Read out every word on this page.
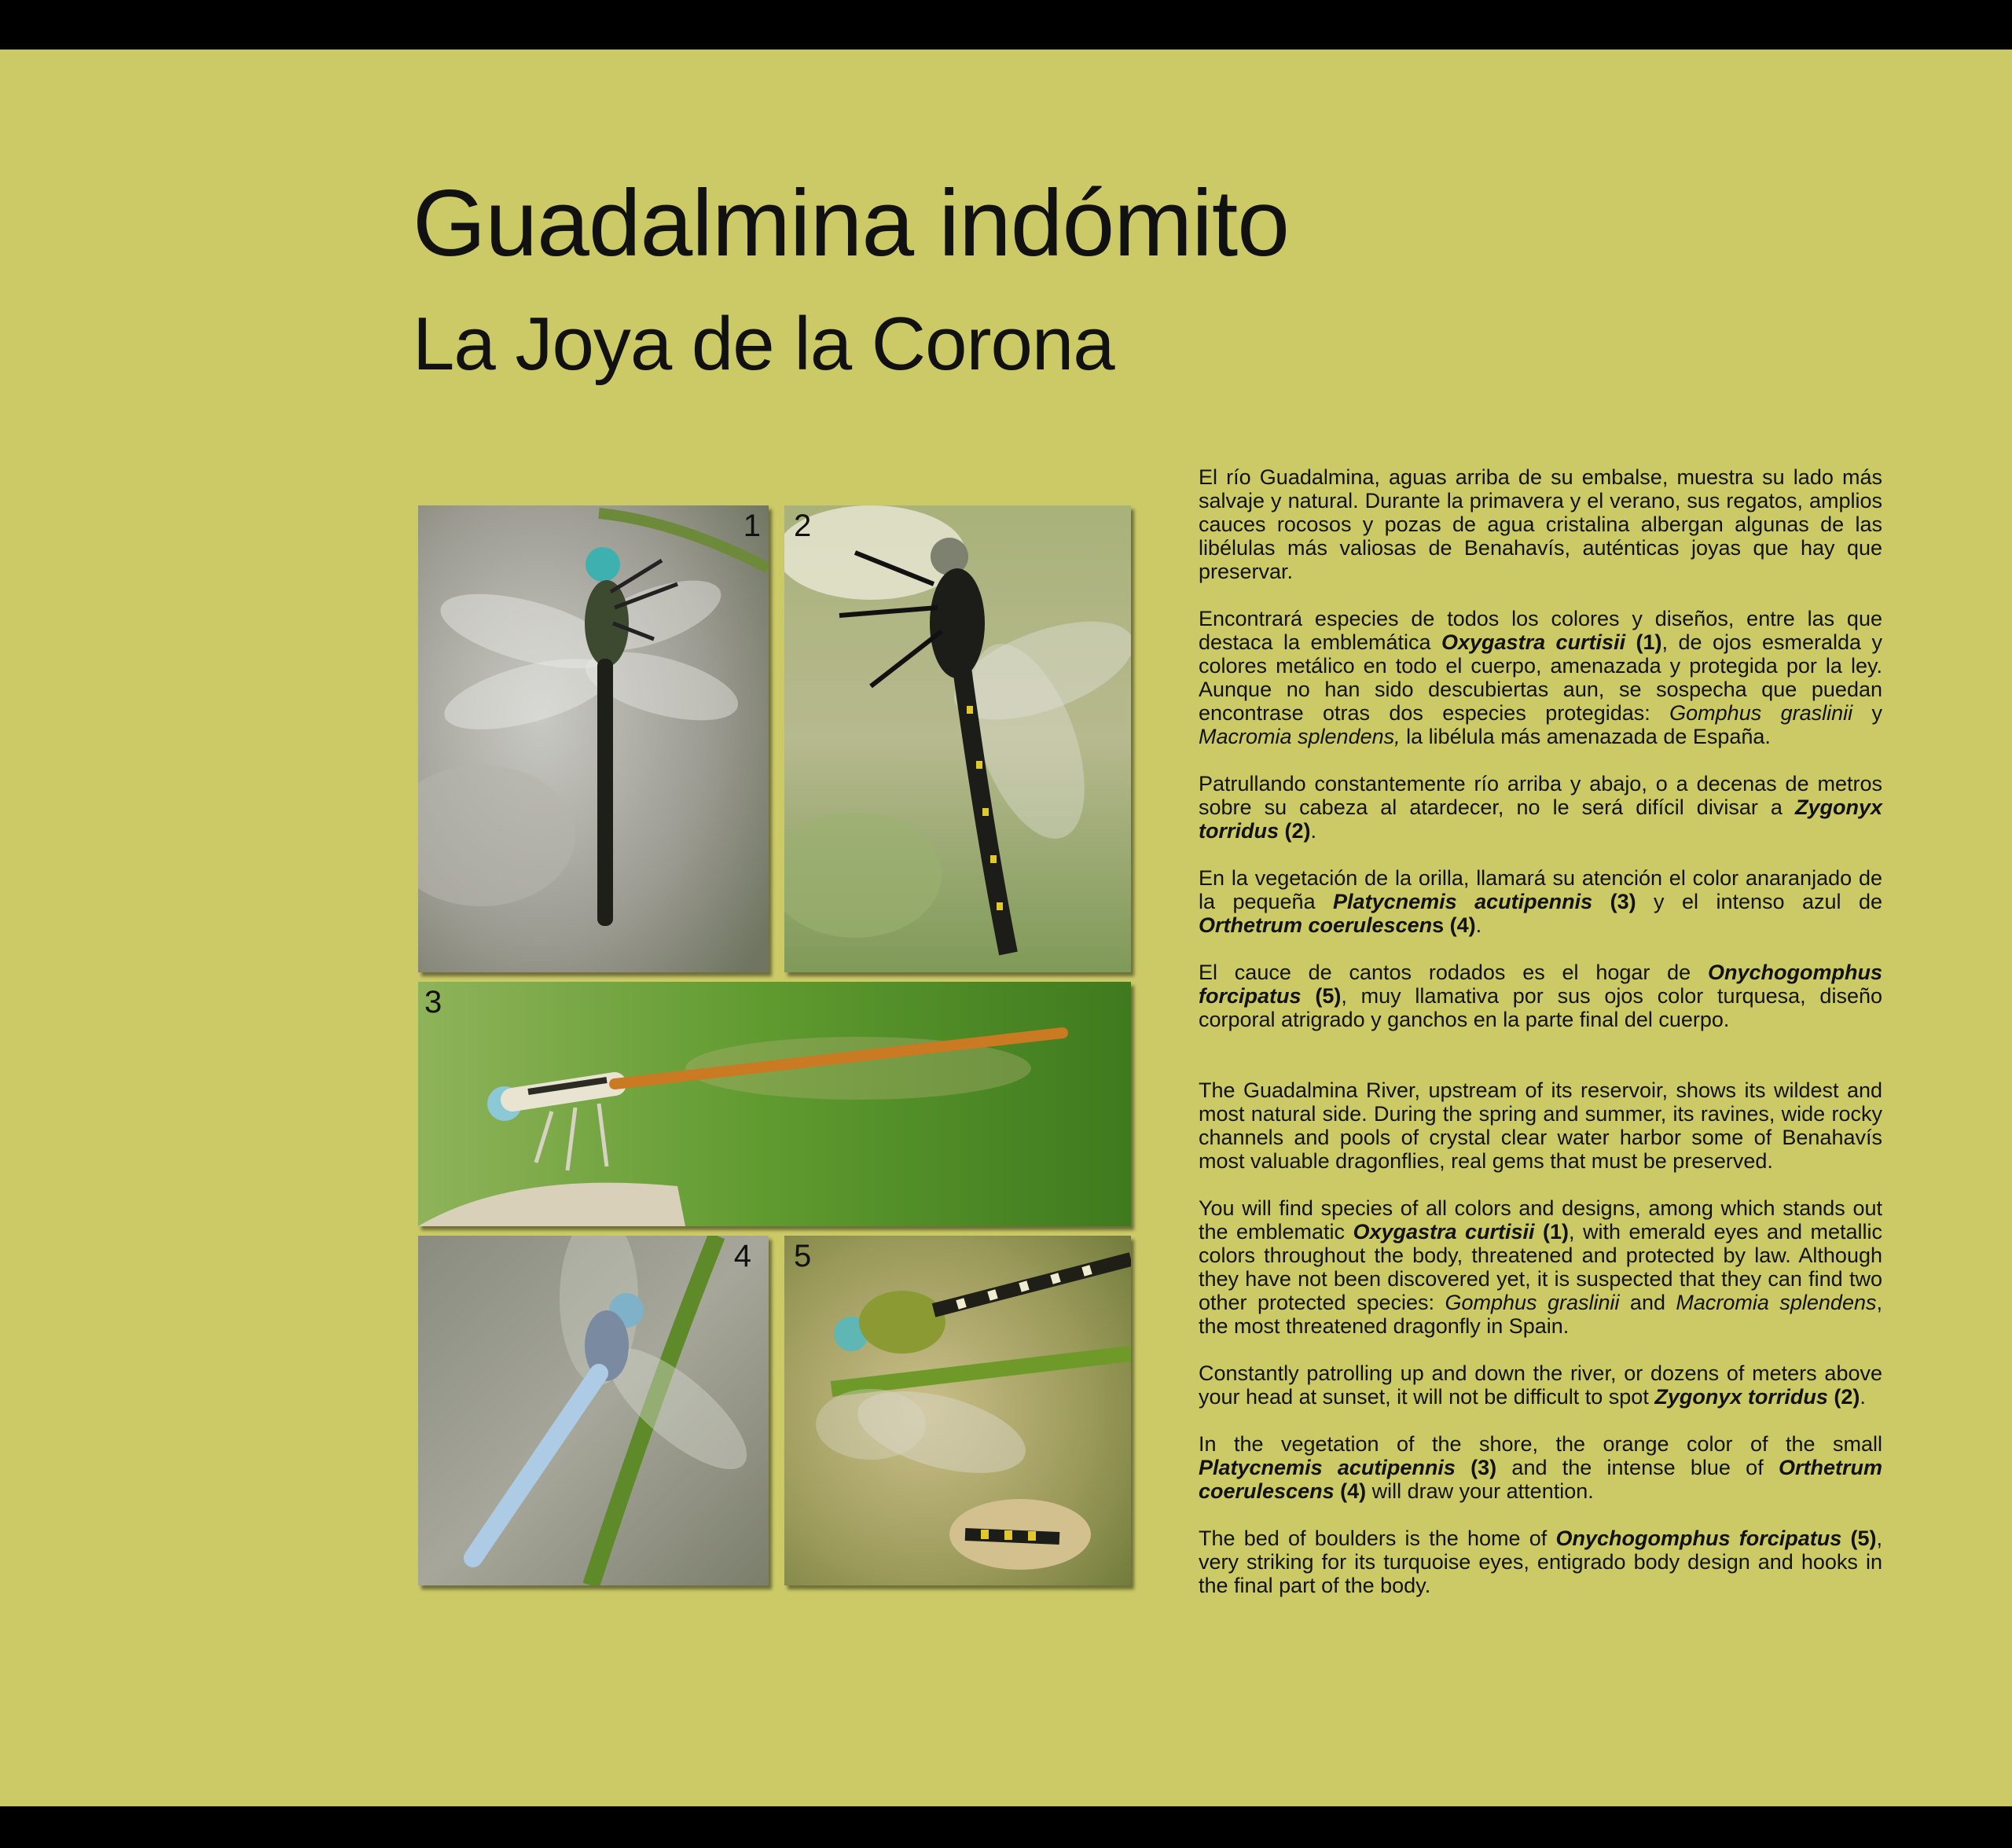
Guadalmina indómito
La Joya de la Corona
1 2
3
4 5

El río Guadalmina, aguas arriba de su embalse, muestra su lado más salvaje y natural. Durante la primavera y el verano, sus regatos, amplios cauces rocosos y pozas de agua cristalina albergan algunas de las libélulas más valiosas de Benahavís, auténticas joyas que hay que preservar.

Encontrará especies de todos los colores y diseños, entre las que destaca la emblemática Oxygastra curtisii (1), de ojos esmeralda y colores metálico en todo el cuerpo, amenazada y protegida por la ley. Aunque no han sido descubiertas aun, se sospecha que puedan encontrase otras dos especies protegidas: Gomphus graslinii y Macromia splendens, la libélula más amenazada de España.

Patrullando constantemente río arriba y abajo, o a decenas de metros sobre su cabeza al atardecer, no le será difícil divisar a Zygonyx torridus (2).

En la vegetación de la orilla, llamará su atención el color anaranjado de la pequeña Platycnemis acutipennis (3) y el intenso azul de Orthetrum coerulescens (4).

El cauce de cantos rodados es el hogar de Onychogomphus forcipatus (5), muy llamativa por sus ojos color turquesa, diseño corporal atrigrado y ganchos en la parte final del cuerpo.

The Guadalmina River, upstream of its reservoir, shows its wildest and most natural side. During the spring and summer, its ravines, wide rocky channels and pools of crystal clear water harbor some of Benahavís most valuable dragonflies, real gems that must be preserved.

You will find species of all colors and designs, among which stands out the emblematic Oxygastra curtisii (1), with emerald eyes and metallic colors throughout the body, threatened and protected by law. Although they have not been discovered yet, it is suspected that they can find two other protected species: Gomphus graslinii and Macromia splendens, the most threatened dragonfly in Spain.

Constantly patrolling up and down the river, or dozens of meters above your head at sunset, it will not be difficult to spot Zygonyx torridus (2).

In the vegetation of the shore, the orange color of the small Platycnemis acutipennis (3) and the intense blue of Orthetrum coerulescens (4) will draw your attention.

The bed of boulders is the home of Onychogomphus forcipatus (5), very striking for its turquoise eyes, entigrado body design and hooks in the final part of the body.
